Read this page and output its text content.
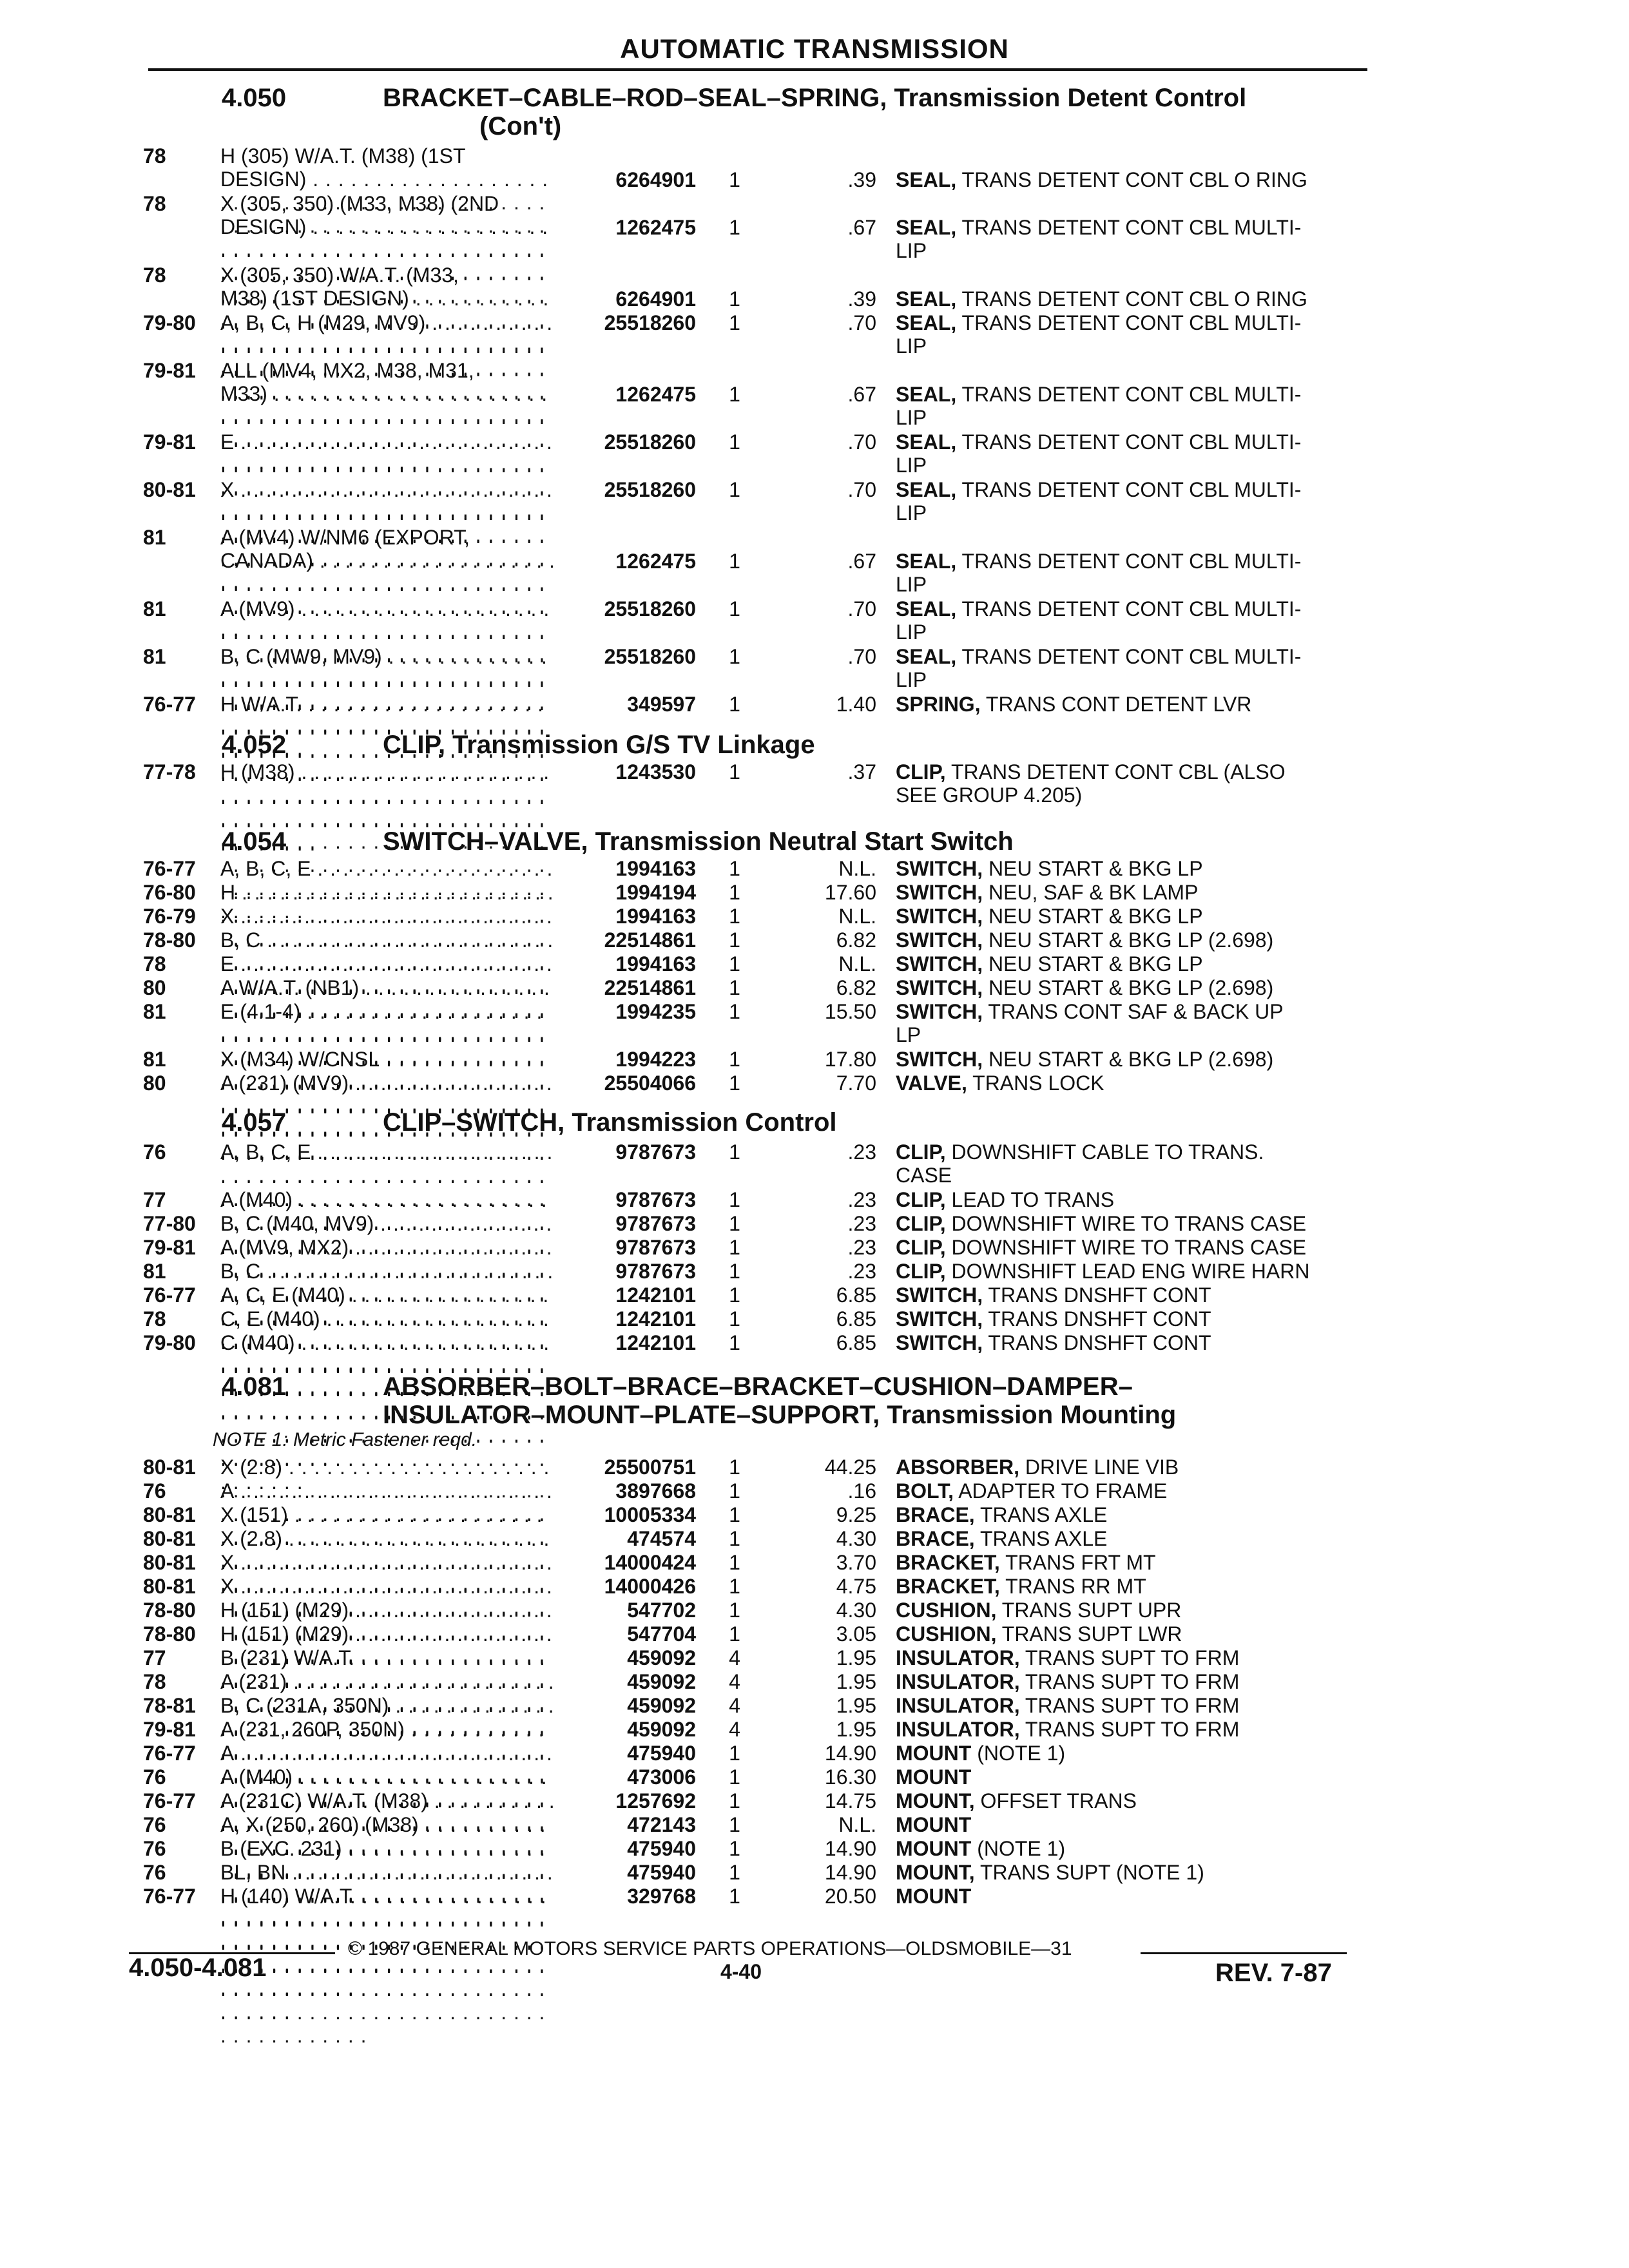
AUTOMATIC TRANSMISSION
4.050	BRACKET–CABLE–ROD–SEAL–SPRING, Transmission Detent Control
(Con't)
78	H (305) W/A.T. (M38) (1ST
DESIGN) . . .	6264901	1	.39 SEAL, TRANS DETENT CONT CBL O RING
78	X (305, 350) (M33, M38) (2ND
DESIGN) . . .	1262475	1	.67 SEAL, TRANS DETENT CONT CBL MULTI-
LIP
78	X (305, 350) W/A.T. (M33,
M38) (1ST DESIGN) . . .	6264901	1	.39 SEAL, TRANS DETENT CONT CBL O RING
79-80 A, B, C, H (M29, MV9) . . .	25518260	1	.70 SEAL, TRANS DETENT CONT CBL MULTI-
LIP
79-81 ALL (MV4, MX2, M38, M31,
M33) . . .	1262475	1	.67 SEAL, TRANS DETENT CONT CBL MULTI-
LIP
79-81 E . . .	25518260	1	.70 SEAL, TRANS DETENT CONT CBL MULTI-
LIP
80-81 X . . .	25518260	1	.70 SEAL, TRANS DETENT CONT CBL MULTI-
LIP
81	A (MV4) W/NM6 (EXPORT,
CANADA) . . .	1262475	1	.67 SEAL, TRANS DETENT CONT CBL MULTI-
LIP
81	A (MV9) . . .	25518260	1	.70 SEAL, TRANS DETENT CONT CBL MULTI-
LIP
81	B, C (MW9, MV9) . . .	25518260	1	.70 SEAL, TRANS DETENT CONT CBL MULTI-
LIP
76-77 H W/A.T. . . .	349597	1	1.40 SPRING, TRANS CONT DETENT LVR
4.052	CLIP, Transmission G/S TV Linkage
77-78 H (M38) . . .	1243530	1	.37 CLIP, TRANS DETENT CONT CBL (ALSO
SEE GROUP 4.205)
4.054	SWITCH–VALVE, Transmission Neutral Start Switch
76-77 A, B, C, E . . .	1994163	1	N.L. SWITCH, NEU START & BKG LP
76-80 H . . .	1994194	1	17.60 SWITCH, NEU, SAF & BK LAMP
76-79 X . . .	1994163	1	N.L. SWITCH, NEU START & BKG LP
78-80 B, C . . .	22514861	1	6.82 SWITCH, NEU START & BKG LP (2.698)
78	E . . .	1994163	1	N.L. SWITCH, NEU START & BKG LP
80	A W/A.T. (NB1) . . .	22514861	1	6.82 SWITCH, NEU START & BKG LP (2.698)
81	E (4.1-4) . . .	1994235	1	15.50 SWITCH, TRANS CONT SAF & BACK UP
LP
81	X (M34) W/CNSL . . .	1994223	1	17.80 SWITCH, NEU START & BKG LP (2.698)
80	A (231) (MV9) . . .	25504066	1	7.70 VALVE, TRANS LOCK
4.057	CLIP–SWITCH, Transmission Control
76	A, B, C, E . . .	9787673	1	.23 CLIP, DOWNSHIFT CABLE TO TRANS.
CASE
77	A (M40) . . .	9787673	1	.23 CLIP, LEAD TO TRANS
77-80 B, C (M40, MV9) . . .	9787673	1	.23 CLIP, DOWNSHIFT WIRE TO TRANS CASE
79-81 A (MV9, MX2) . . .	9787673	1	.23 CLIP, DOWNSHIFT WIRE TO TRANS CASE
81	B, C . . .	9787673	1	.23 CLIP, DOWNSHIFT LEAD ENG WIRE HARN
76-77 A, C, E (M40) . . .	1242101	1	6.85 SWITCH, TRANS DNSHFT CONT
78	C, E (M40) . . .	1242101	1	6.85 SWITCH, TRANS DNSHFT CONT
79-80 C (M40) . . .	1242101	1	6.85 SWITCH, TRANS DNSHFT CONT
4.081	ABSORBER–BOLT–BRACE–BRACKET–CUSHION–DAMPER–
INSULATOR–MOUNT–PLATE–SUPPORT, Transmission Mounting
NOTE 1: Metric Fastener reqd.
80-81 X (2.8) . . .	25500751	1	44.25 ABSORBER, DRIVE LINE VIB
76	A . . .	3897668	1	.16 BOLT, ADAPTER TO FRAME
80-81 X (151) . . .	10005334	1	9.25 BRACE, TRANS AXLE
80-81 X (2.8) . . .	474574	1	4.30 BRACE, TRANS AXLE
80-81 X . . .	14000424	1	3.70 BRACKET, TRANS FRT MT
80-81 X . . .	14000426	1	4.75 BRACKET, TRANS RR MT
78-80 H (151) (M29) . . .	547702	1	4.30 CUSHION, TRANS SUPT UPR
78-80 H (151) (M29) . . .	547704	1	3.05 CUSHION, TRANS SUPT LWR
77	B (231) W/A.T. . . .	459092	4	1.95 INSULATOR, TRANS SUPT TO FRM
78	A (231) . . .	459092	4	1.95 INSULATOR, TRANS SUPT TO FRM
78-81 B, C (231A, 350N) . . .	459092	4	1.95 INSULATOR, TRANS SUPT TO FRM
79-81 A (231, 260P, 350N) . . .	459092	4	1.95 INSULATOR, TRANS SUPT TO FRM
76-77 A . . .	475940	1	14.90 MOUNT (NOTE 1)
76	A (M40) . . .	473006	1	16.30 MOUNT
76-77 A (231C) W/A.T. (M38) . . .	1257692	1	14.75 MOUNT, OFFSET TRANS
76	A, X (250, 260) (M38) . . .	472143	1	N.L. MOUNT
76	B (EXC. 231) . . .	475940	1	14.90 MOUNT (NOTE 1)
76	BL, BN . . .	475940	1	14.90 MOUNT, TRANS SUPT (NOTE 1)
76-77 H (140) W/A.T. . . .	329768	1	20.50 MOUNT
© 1987 GENERAL MOTORS SERVICE PARTS OPERATIONS—OLDSMOBILE—31
4.050-4.081	4-40	REV. 7-87
